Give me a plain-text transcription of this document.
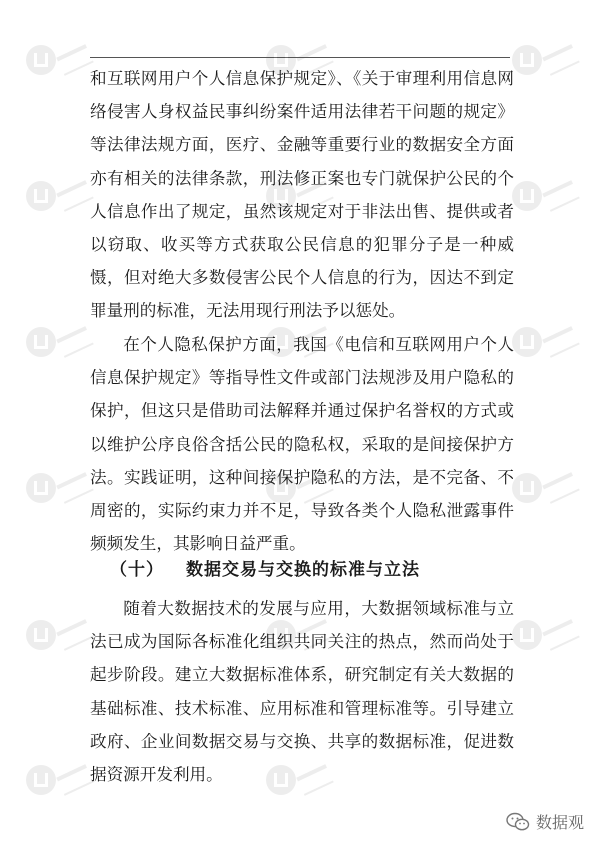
和互联网用户个人信息保护规定》、《关于审理利用信息网络侵害人身权益民事纠纷案件适用法律若干问题的规定》等法律法规方面，医疗、金融等重要行业的数据安全方面亦有相关的法律条款，刑法修正案也专门就保护公民的个人信息作出了规定，虽然该规定对于非法出售、提供或者以窃取、收买等方式获取公民信息的犯罪分子是一种威慑，但对绝大多数侵害公民个人信息的行为，因达不到定罪量刑的标准，无法用现行刑法予以惩处。

在个人隐私保护方面，我国《电信和互联网用户个人信息保护规定》等指导性文件或部门法规涉及用户隐私的保护，但这只是借助司法解释并通过保护名誉权的方式或以维护公序良俗含括公民的隐私权，采取的是间接保护方法。实践证明，这种间接保护隐私的方法，是不完备、不周密的，实际约束力并不足，导致各类个人隐私泄露事件频频发生，其影响日益严重。

（十） 数据交易与交换的标准与立法

随着大数据技术的发展与应用，大数据领域标准与立法已成为国际各标准化组织共同关注的热点，然而尚处于起步阶段。建立大数据标准体系，研究制定有关大数据的基础标准、技术标准、应用标准和管理标准等。引导建立政府、企业间数据交易与交换、共享的数据标准，促进数据资源开发利用。

数据观
